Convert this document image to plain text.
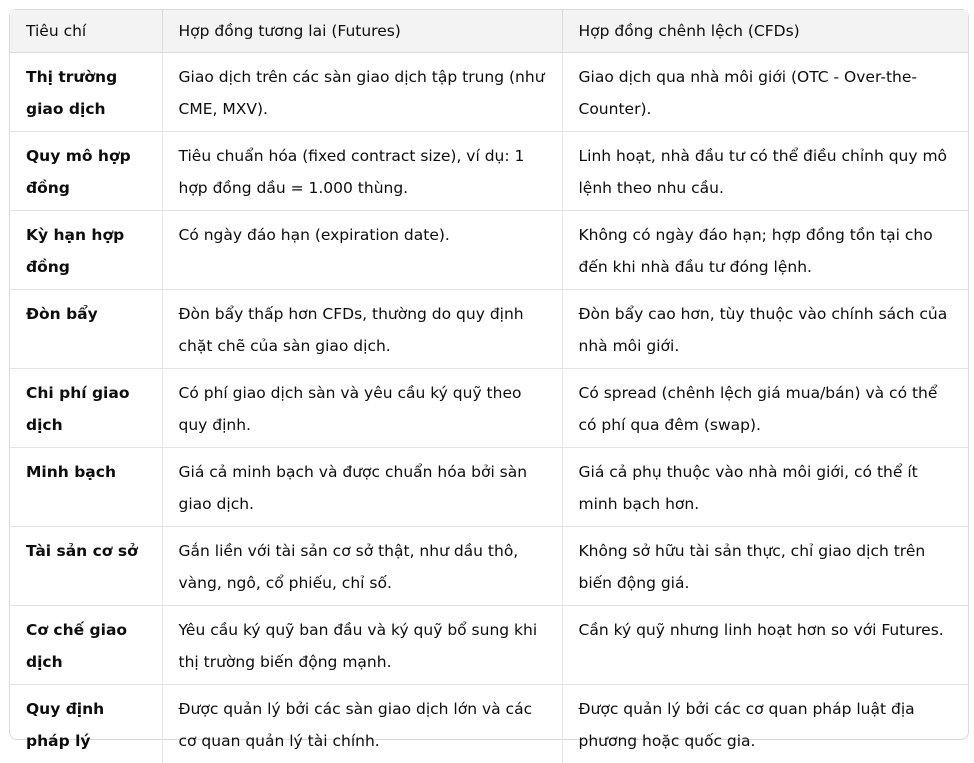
Tiêu chí	Hợp đồng tương lai (Futures)	Hợp đồng chênh lệch (CFDs)
Thị trường giao dịch	Giao dịch trên các sàn giao dịch tập trung (như CME, MXV).	Giao dịch qua nhà môi giới (OTC - Over-the-Counter).
Quy mô hợp đồng	Tiêu chuẩn hóa (fixed contract size), ví dụ: 1 hợp đồng dầu = 1.000 thùng.	Linh hoạt, nhà đầu tư có thể điều chỉnh quy mô lệnh theo nhu cầu.
Kỳ hạn hợp đồng	Có ngày đáo hạn (expiration date).	Không có ngày đáo hạn; hợp đồng tồn tại cho đến khi nhà đầu tư đóng lệnh.
Đòn bẩy	Đòn bẩy thấp hơn CFDs, thường do quy định chặt chẽ của sàn giao dịch.	Đòn bẩy cao hơn, tùy thuộc vào chính sách của nhà môi giới.
Chi phí giao dịch	Có phí giao dịch sàn và yêu cầu ký quỹ theo quy định.	Có spread (chênh lệch giá mua/bán) và có thể có phí qua đêm (swap).
Minh bạch	Giá cả minh bạch và được chuẩn hóa bởi sàn giao dịch.	Giá cả phụ thuộc vào nhà môi giới, có thể ít minh bạch hơn.
Tài sản cơ sở	Gắn liền với tài sản cơ sở thật, như dầu thô, vàng, ngô, cổ phiếu, chỉ số.	Không sở hữu tài sản thực, chỉ giao dịch trên biến động giá.
Cơ chế giao dịch	Yêu cầu ký quỹ ban đầu và ký quỹ bổ sung khi thị trường biến động mạnh.	Cần ký quỹ nhưng linh hoạt hơn so với Futures.
Quy định pháp lý	Được quản lý bởi các sàn giao dịch lớn và các cơ quan quản lý tài chính.	Được quản lý bởi các cơ quan pháp luật địa phương hoặc quốc gia.
